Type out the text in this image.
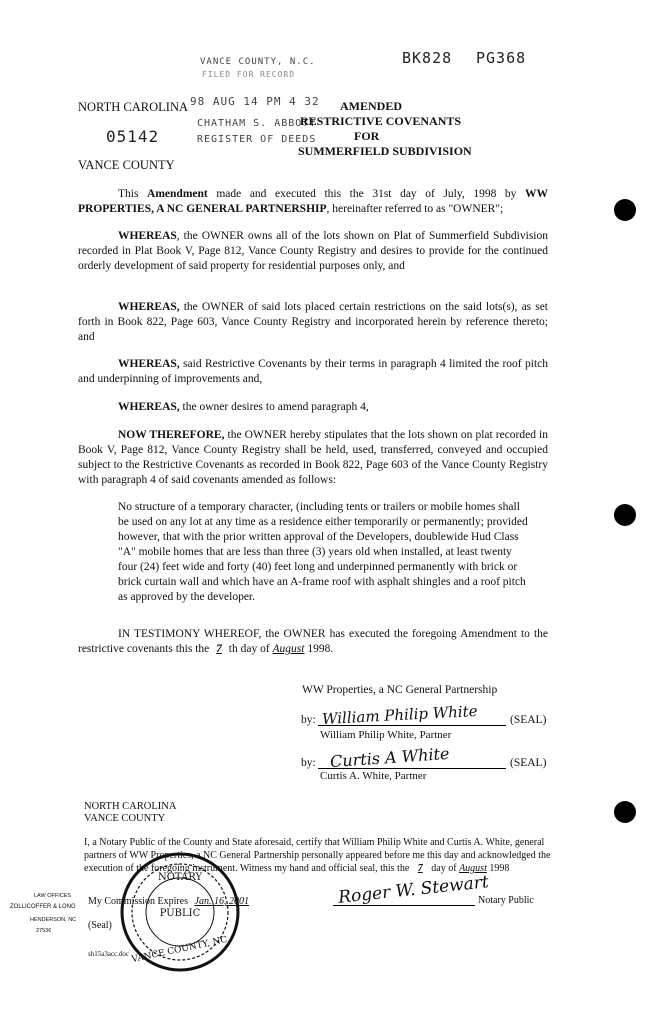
VANCE COUNTY, N.C.
FILED FOR RECORD
BK828 PG368
98 AUG 14 PM 4 32
CHATHAM S. ABBOTT
REGISTER OF DEEDS
05142
NORTH CAROLINA	AMENDED
RESTRICTIVE COVENANTS
FOR
SUMMERFIELD SUBDIVISION
VANCE COUNTY
This Amendment made and executed this the 31st day of July, 1998 by WW PROPERTIES, A NC GENERAL PARTNERSHIP, hereinafter referred to as "OWNER";
WHEREAS, the OWNER owns all of the lots shown on Plat of Summerfield Subdivision recorded in Plat Book V, Page 812, Vance County Registry and desires to provide for the continued orderly development of said property for residential purposes only, and
WHEREAS, the OWNER of said lots placed certain restrictions on the said lots(s), as set forth in Book 822, Page 603, Vance County Registry and incorporated herein by reference thereto; and
WHEREAS, said Restrictive Covenants by their terms in paragraph 4 limited the roof pitch and underpinning of improvements and,
WHEREAS, the owner desires to amend paragraph 4,
NOW THEREFORE, the OWNER hereby stipulates that the lots shown on plat recorded in Book V, Page 812, Vance County Registry shall be held, used, transferred, conveyed and occupied subject to the Restrictive Covenants as recorded in Book 822, Page 603 of the Vance County Registry with paragraph 4 of said covenants amended as follows:
No structure of a temporary character, (including tents or trailers or mobile homes shall be used on any lot at any time as a residence either temporarily or permanently; provided however, that with the prior written approval of the Developers, doublewide Hud Class "A" mobile homes that are less than three (3) years old when installed, at least twenty four (24) feet wide and forty (40) feet long and underpinned permanently with brick or brick curtain wall and which have an A-frame roof with asphalt shingles and a roof pitch as approved by the developer.
IN TESTIMONY WHEREOF, the OWNER has executed the foregoing Amendment to the restrictive covenants this the 7 th day of August 1998.
WW Properties, a NC General Partnership
by: William Philip White	(SEAL)
William Philip White, Partner
by: Curtis A White	(SEAL)
Curtis A. White, Partner
NORTH CAROLINA
VANCE COUNTY
I, a Notary Public of the County and State aforesaid, certify that William Philip White and Curtis A. White, general partners of WW Properties, a NC General Partnership personally appeared before me this day and acknowledged the execution of the foregoing instrument. Witness my hand and official seal, this the 7 day of August 1998
My Commission Expires Jan. 16, 2001
(Seal)
sh15a3acc.doc
Roger W. Stewart
Notary Public
NOTARY
PUBLIC
VANCE COUNTY, NC
LAW OFFICES
ZOLLICOFFER & LONG
HENDERSON, NC
27536
